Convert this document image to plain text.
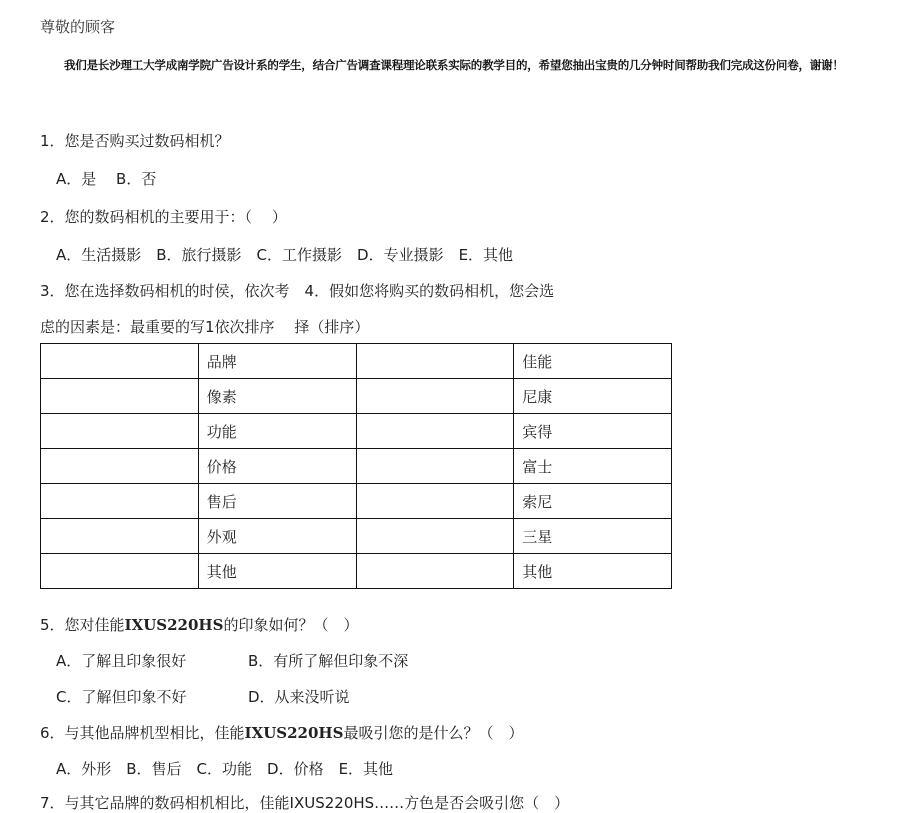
尊敬的顾客
我们是长沙理工大学成南学院广告设计系的学生，结合广告调查课程理论联系实际的教学目的，希望您抽出宝贵的几分钟时间帮助我们完成这份问卷，谢谢！
1．您是否购买过数码相机？
A．是　 B．否
2．您的数码相机的主要用于：（　 ）
A．生活摄影　B．旅行摄影　C．工作摄影　D．专业摄影　E．其他
3．您在选择数码相机的时侯，依次考　4．假如您将购买的数码相机，您会选
虑的因素是：最重要的写1依次排序　 择（排序）
	品牌		佳能
	像素		尼康
	功能		宾得
	价格		富士
	售后		索尼
	外观		三星
	其他		其他
5．您对佳能IXUS220HS的印象如何？（　）
A．了解且印象很好	B．有所了解但印象不深
C．了解但印象不好	D．从来没听说
6．与其他品牌机型相比，佳能IXUS220HS最吸引您的是什么？（　）
A．外形　B．售后　C．功能　D．价格　E．其他
7．与其它品牌的数码相机相比，佳能IXUS220HS……方色是否会吸引您（　）
